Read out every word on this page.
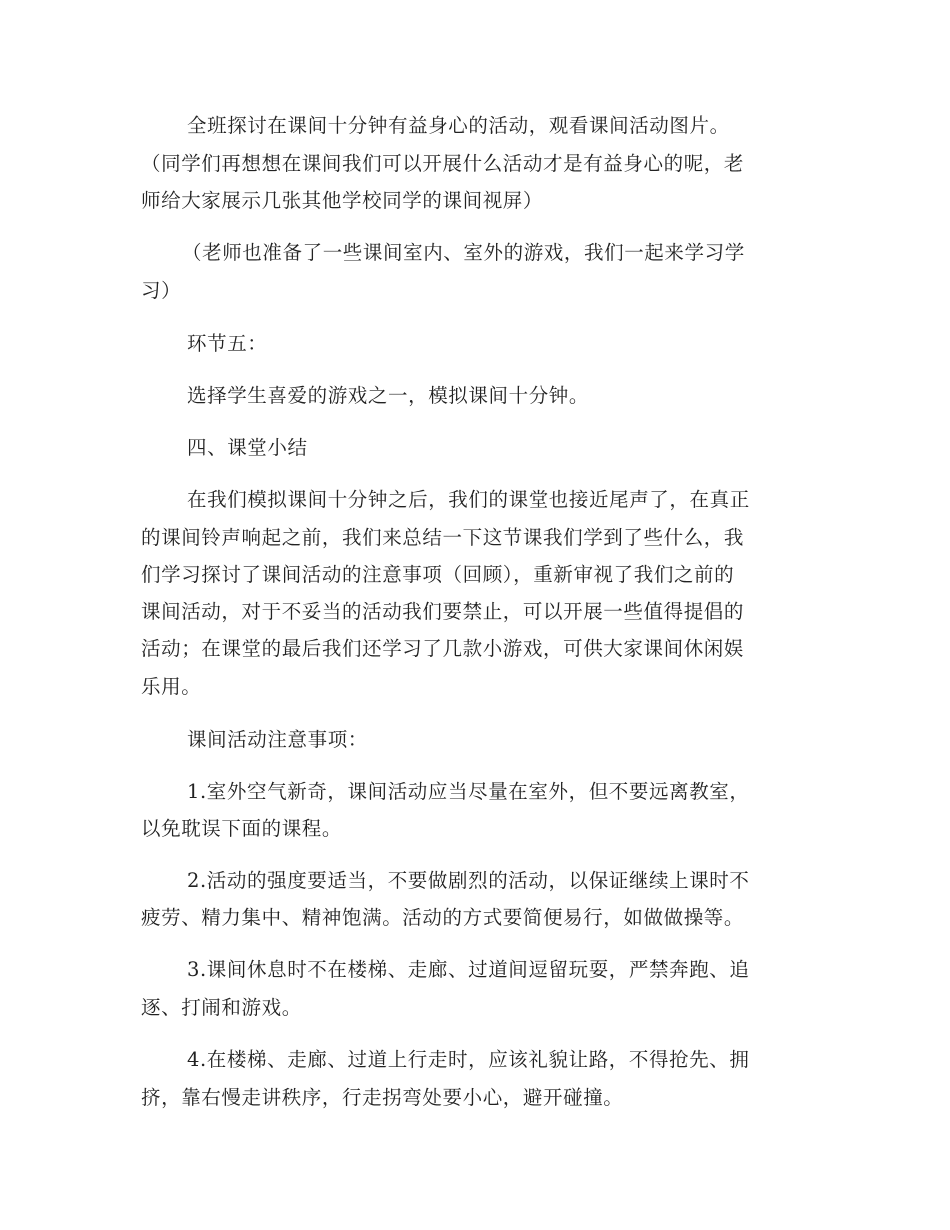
全班探讨在课间十分钟有益身心的活动，观看课间活动图片。
（同学们再想想在课间我们可以开展什么活动才是有益身心的呢，老
师给大家展示几张其他学校同学的课间视屏）
（老师也准备了一些课间室内、室外的游戏，我们一起来学习学
习）
环节五：
选择学生喜爱的游戏之一，模拟课间十分钟。
四、课堂小结
在我们模拟课间十分钟之后，我们的课堂也接近尾声了，在真正
的课间铃声响起之前，我们来总结一下这节课我们学到了些什么，我
们学习探讨了课间活动的注意事项（回顾），重新审视了我们之前的
课间活动，对于不妥当的活动我们要禁止，可以开展一些值得提倡的
活动；在课堂的最后我们还学习了几款小游戏，可供大家课间休闲娱
乐用。
课间活动注意事项：
1.室外空气新奇，课间活动应当尽量在室外，但不要远离教室，
以免耽误下面的课程。
2.活动的强度要适当，不要做剧烈的活动，以保证继续上课时不
疲劳、精力集中、精神饱满。活动的方式要简便易行，如做做操等。
3.课间休息时不在楼梯、走廊、过道间逗留玩耍，严禁奔跑、追
逐、打闹和游戏。
4.在楼梯、走廊、过道上行走时，应该礼貌让路，不得抢先、拥
挤，靠右慢走讲秩序，行走拐弯处要小心，避开碰撞。
